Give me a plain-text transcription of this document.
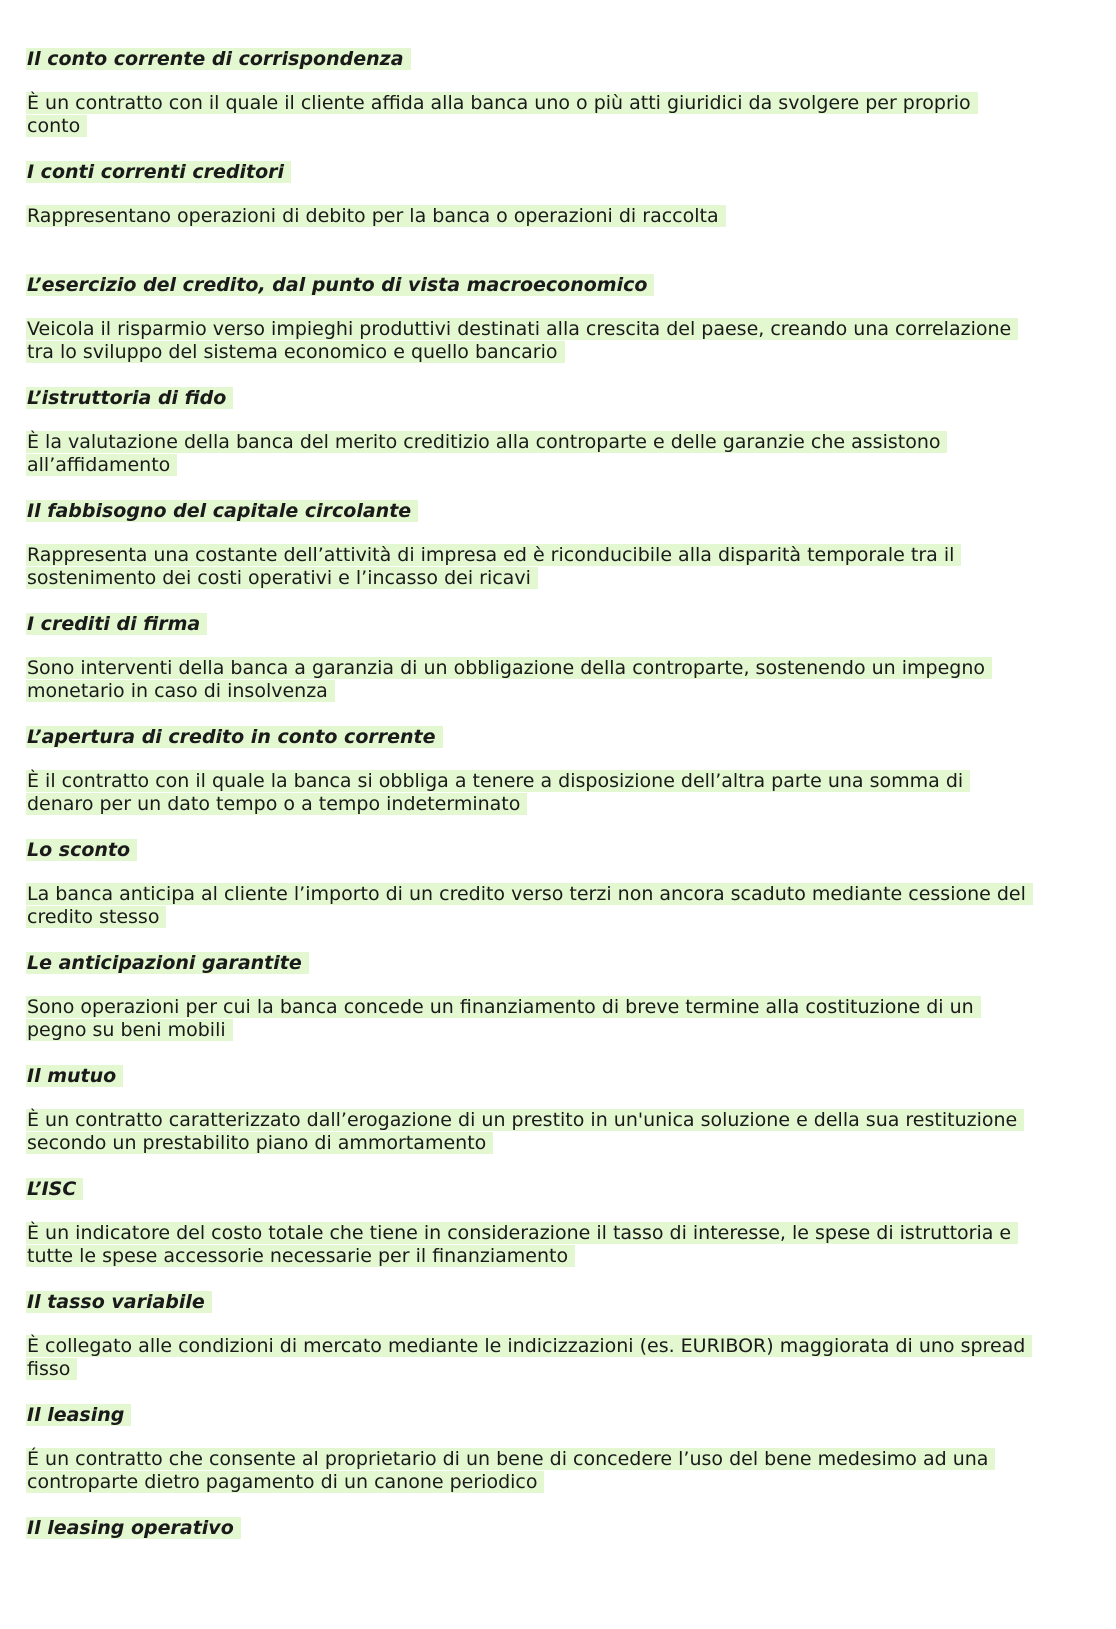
Il conto corrente di corrispondenza

È un contratto con il quale il cliente affida alla banca uno o più atti giuridici da svolgere per proprio conto

I conti correnti creditori

Rappresentano operazioni di debito per la banca o operazioni di raccolta

L’esercizio del credito, dal punto di vista macroeconomico

Veicola il risparmio verso impieghi produttivi destinati alla crescita del paese, creando una correlazione tra lo sviluppo del sistema economico e quello bancario

L’istruttoria di fido

È la valutazione della banca del merito creditizio alla controparte e delle garanzie che assistono all’affidamento

Il fabbisogno del capitale circolante

Rappresenta una costante dell’attività di impresa ed è riconducibile alla disparità temporale tra il sostenimento dei costi operativi e l’incasso dei ricavi

I crediti di firma

Sono interventi della banca a garanzia di un obbligazione della controparte, sostenendo un impegno monetario in caso di insolvenza

L’apertura di credito in conto corrente

È il contratto con il quale la banca si obbliga a tenere a disposizione dell’altra parte una somma di denaro per un dato tempo o a tempo indeterminato

Lo sconto

La banca anticipa al cliente l’importo di un credito verso terzi non ancora scaduto mediante cessione del credito stesso

Le anticipazioni garantite

Sono operazioni per cui la banca concede un finanziamento di breve termine alla costituzione di un pegno su beni mobili

Il mutuo

È un contratto caratterizzato dall’erogazione di un prestito in un'unica soluzione e della sua restituzione secondo un prestabilito piano di ammortamento

L’ISC

È un indicatore del costo totale che tiene in considerazione il tasso di interesse, le spese di istruttoria e tutte le spese accessorie necessarie per il finanziamento

Il tasso variabile

È collegato alle condizioni di mercato mediante le indicizzazioni (es. EURIBOR) maggiorata di uno spread fisso

Il leasing

É un contratto che consente al proprietario di un bene di concedere l’uso del bene medesimo ad una controparte dietro pagamento di un canone periodico

Il leasing operativo
